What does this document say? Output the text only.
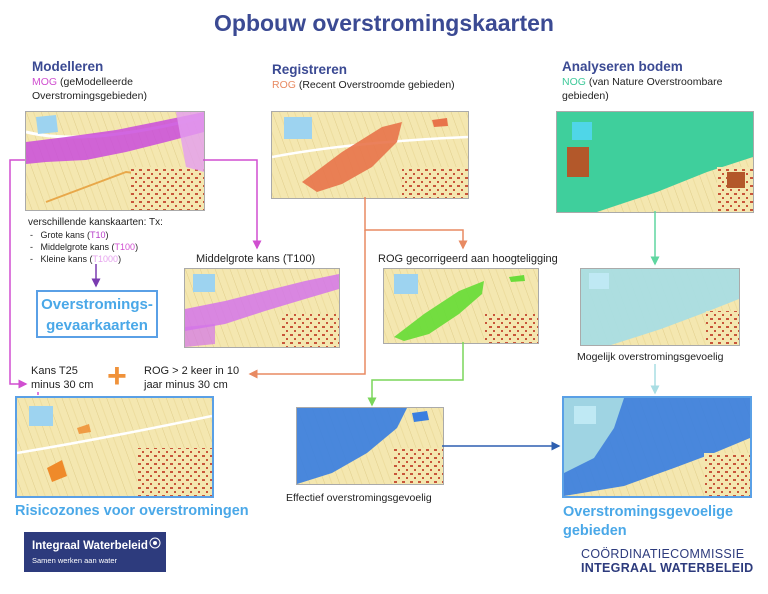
Opbouw overstromingskaarten
Modelleren
MOG (geModelleerde
Overstromingsgebieden)
Registreren
ROG (Recent Overstroomde gebieden)
Analyseren bodem
NOG (van Nature Overstroombare
gebieden)
verschillende kanskaarten: Tx:
-   Grote kans (T10)
-   Middelgrote kans (T100)
-   Kleine kans (T1000)
Overstromings-
gevaarkaarten
Middelgrote kans (T100)	ROG gecorrigeerd aan hoogteligging
Mogelijk overstromingsgevoelig
Kans T25
minus 30 cm + ROG > 2 keer in 10
jaar minus 30 cm
Risicozones voor overstromingen
Effectief overstromingsgevoelig
Overstromingsgevoelige
gebieden
Integraal Waterbeleid
Samen werken aan water	COÖRDINATIECOMMISSIE
INTEGRAAL WATERBELEID
